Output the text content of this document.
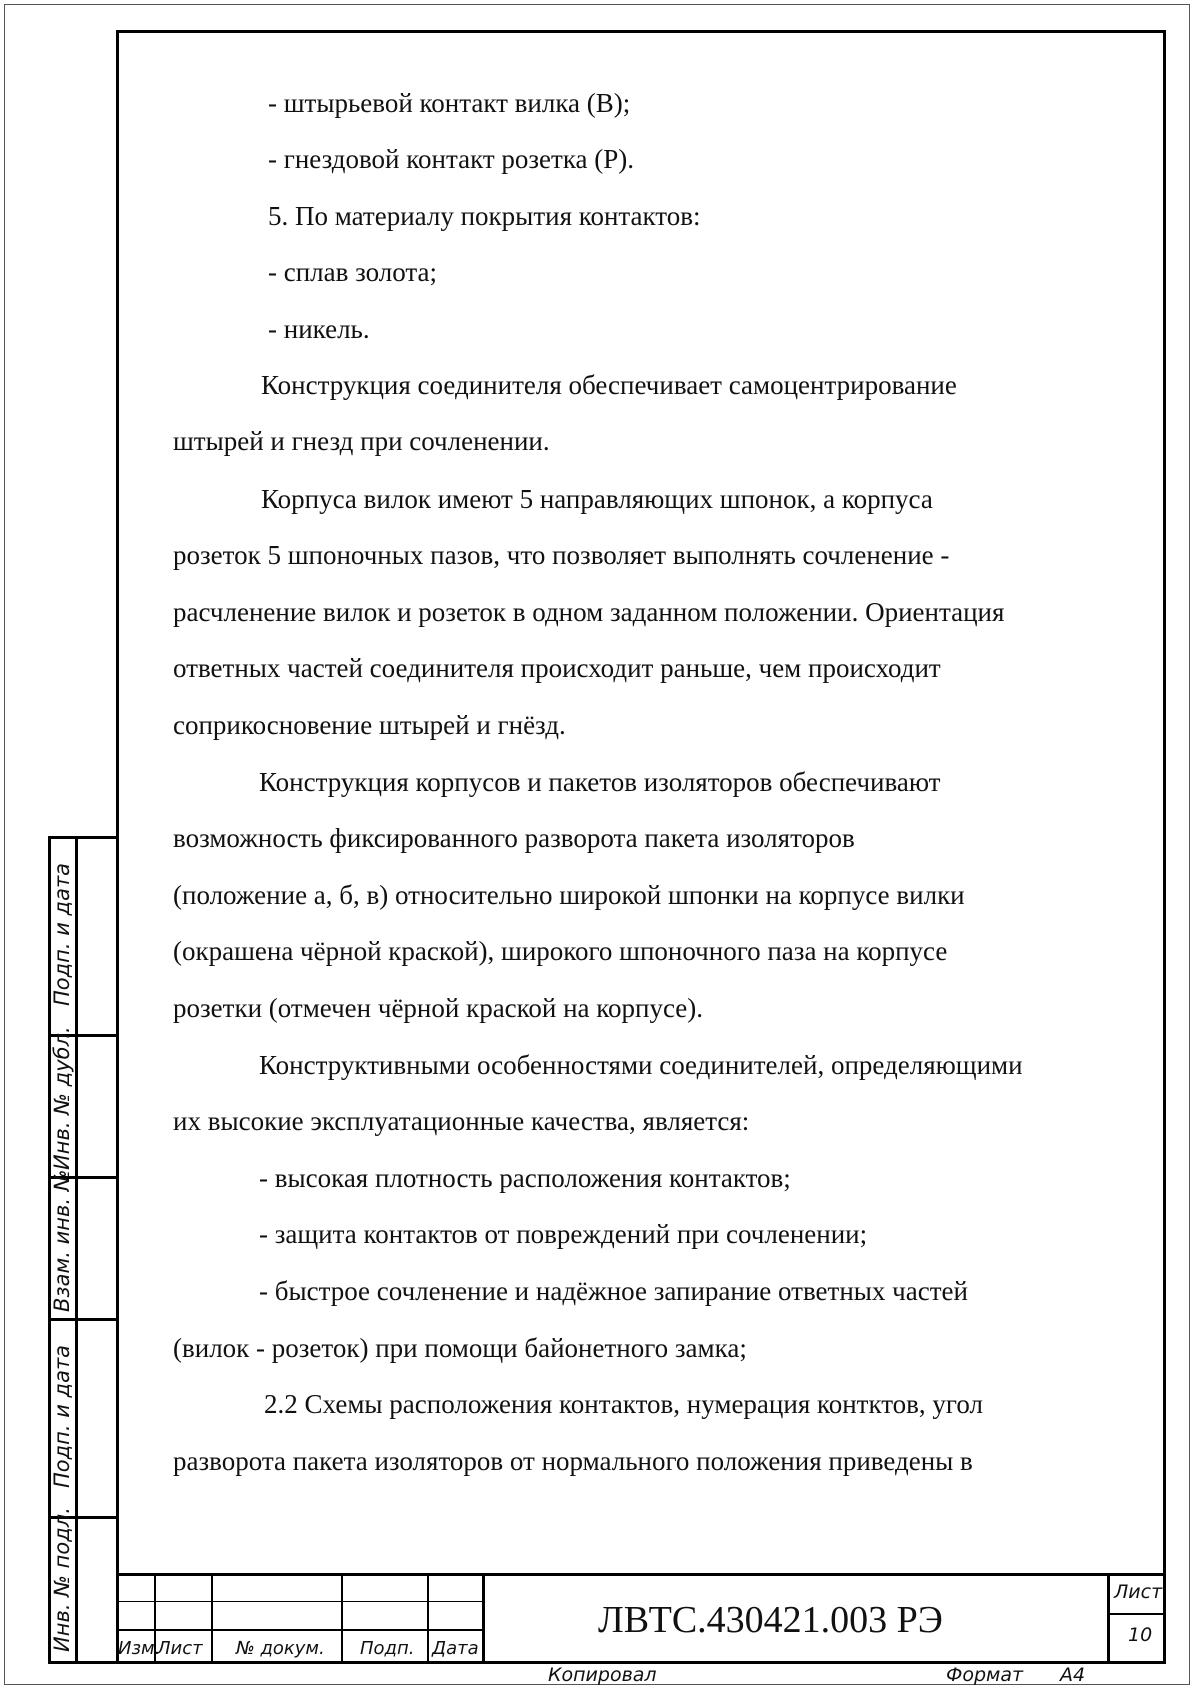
- штырьевой контакт вилка (В);
- гнездовой контакт розетка (Р).
5. По материалу покрытия контактов:
- сплав золота;
- никель.
Конструкция соединителя обеспечивает самоцентрирование
штырей и гнезд при сочленении.
Корпуса вилок имеют 5 направляющих шпонок, а корпуса
розеток 5 шпоночных пазов, что позволяет выполнять сочленение -
расчленение вилок и розеток в одном заданном положении. Ориентация
ответных частей соединителя происходит раньше, чем происходит
соприкосновение штырей и гнёзд.
Конструкция корпусов и пакетов изоляторов обеспечивают
возможность фиксированного разворота пакета изоляторов
(положение а, б, в) относительно широкой шпонки на корпусе вилки
(окрашена чёрной краской), широкого шпоночного паза на корпусе
розетки (отмечен чёрной краской на корпусе).
Конструктивными особенностями соединителей, определяющими
их высокие эксплуатационные качества, является:
- высокая плотность расположения контактов;
- защита контактов от повреждений при сочленении;
- быстрое сочленение и надёжное запирание ответных частей
(вилок - розеток) при помощи байонетного замка;
2.2 Схемы расположения контактов, нумерация контктов, угол
разворота пакета изоляторов от нормального положения приведены в
Подп. и дата
Инв. № дубл.
Взам. инв. №
Подп. и дата
Инв. № подл. Изм.
Лист № докум. Подп. Дата
ЛВТС.430421.003 РЭ
Лист
10
Копировал	Формат А4
